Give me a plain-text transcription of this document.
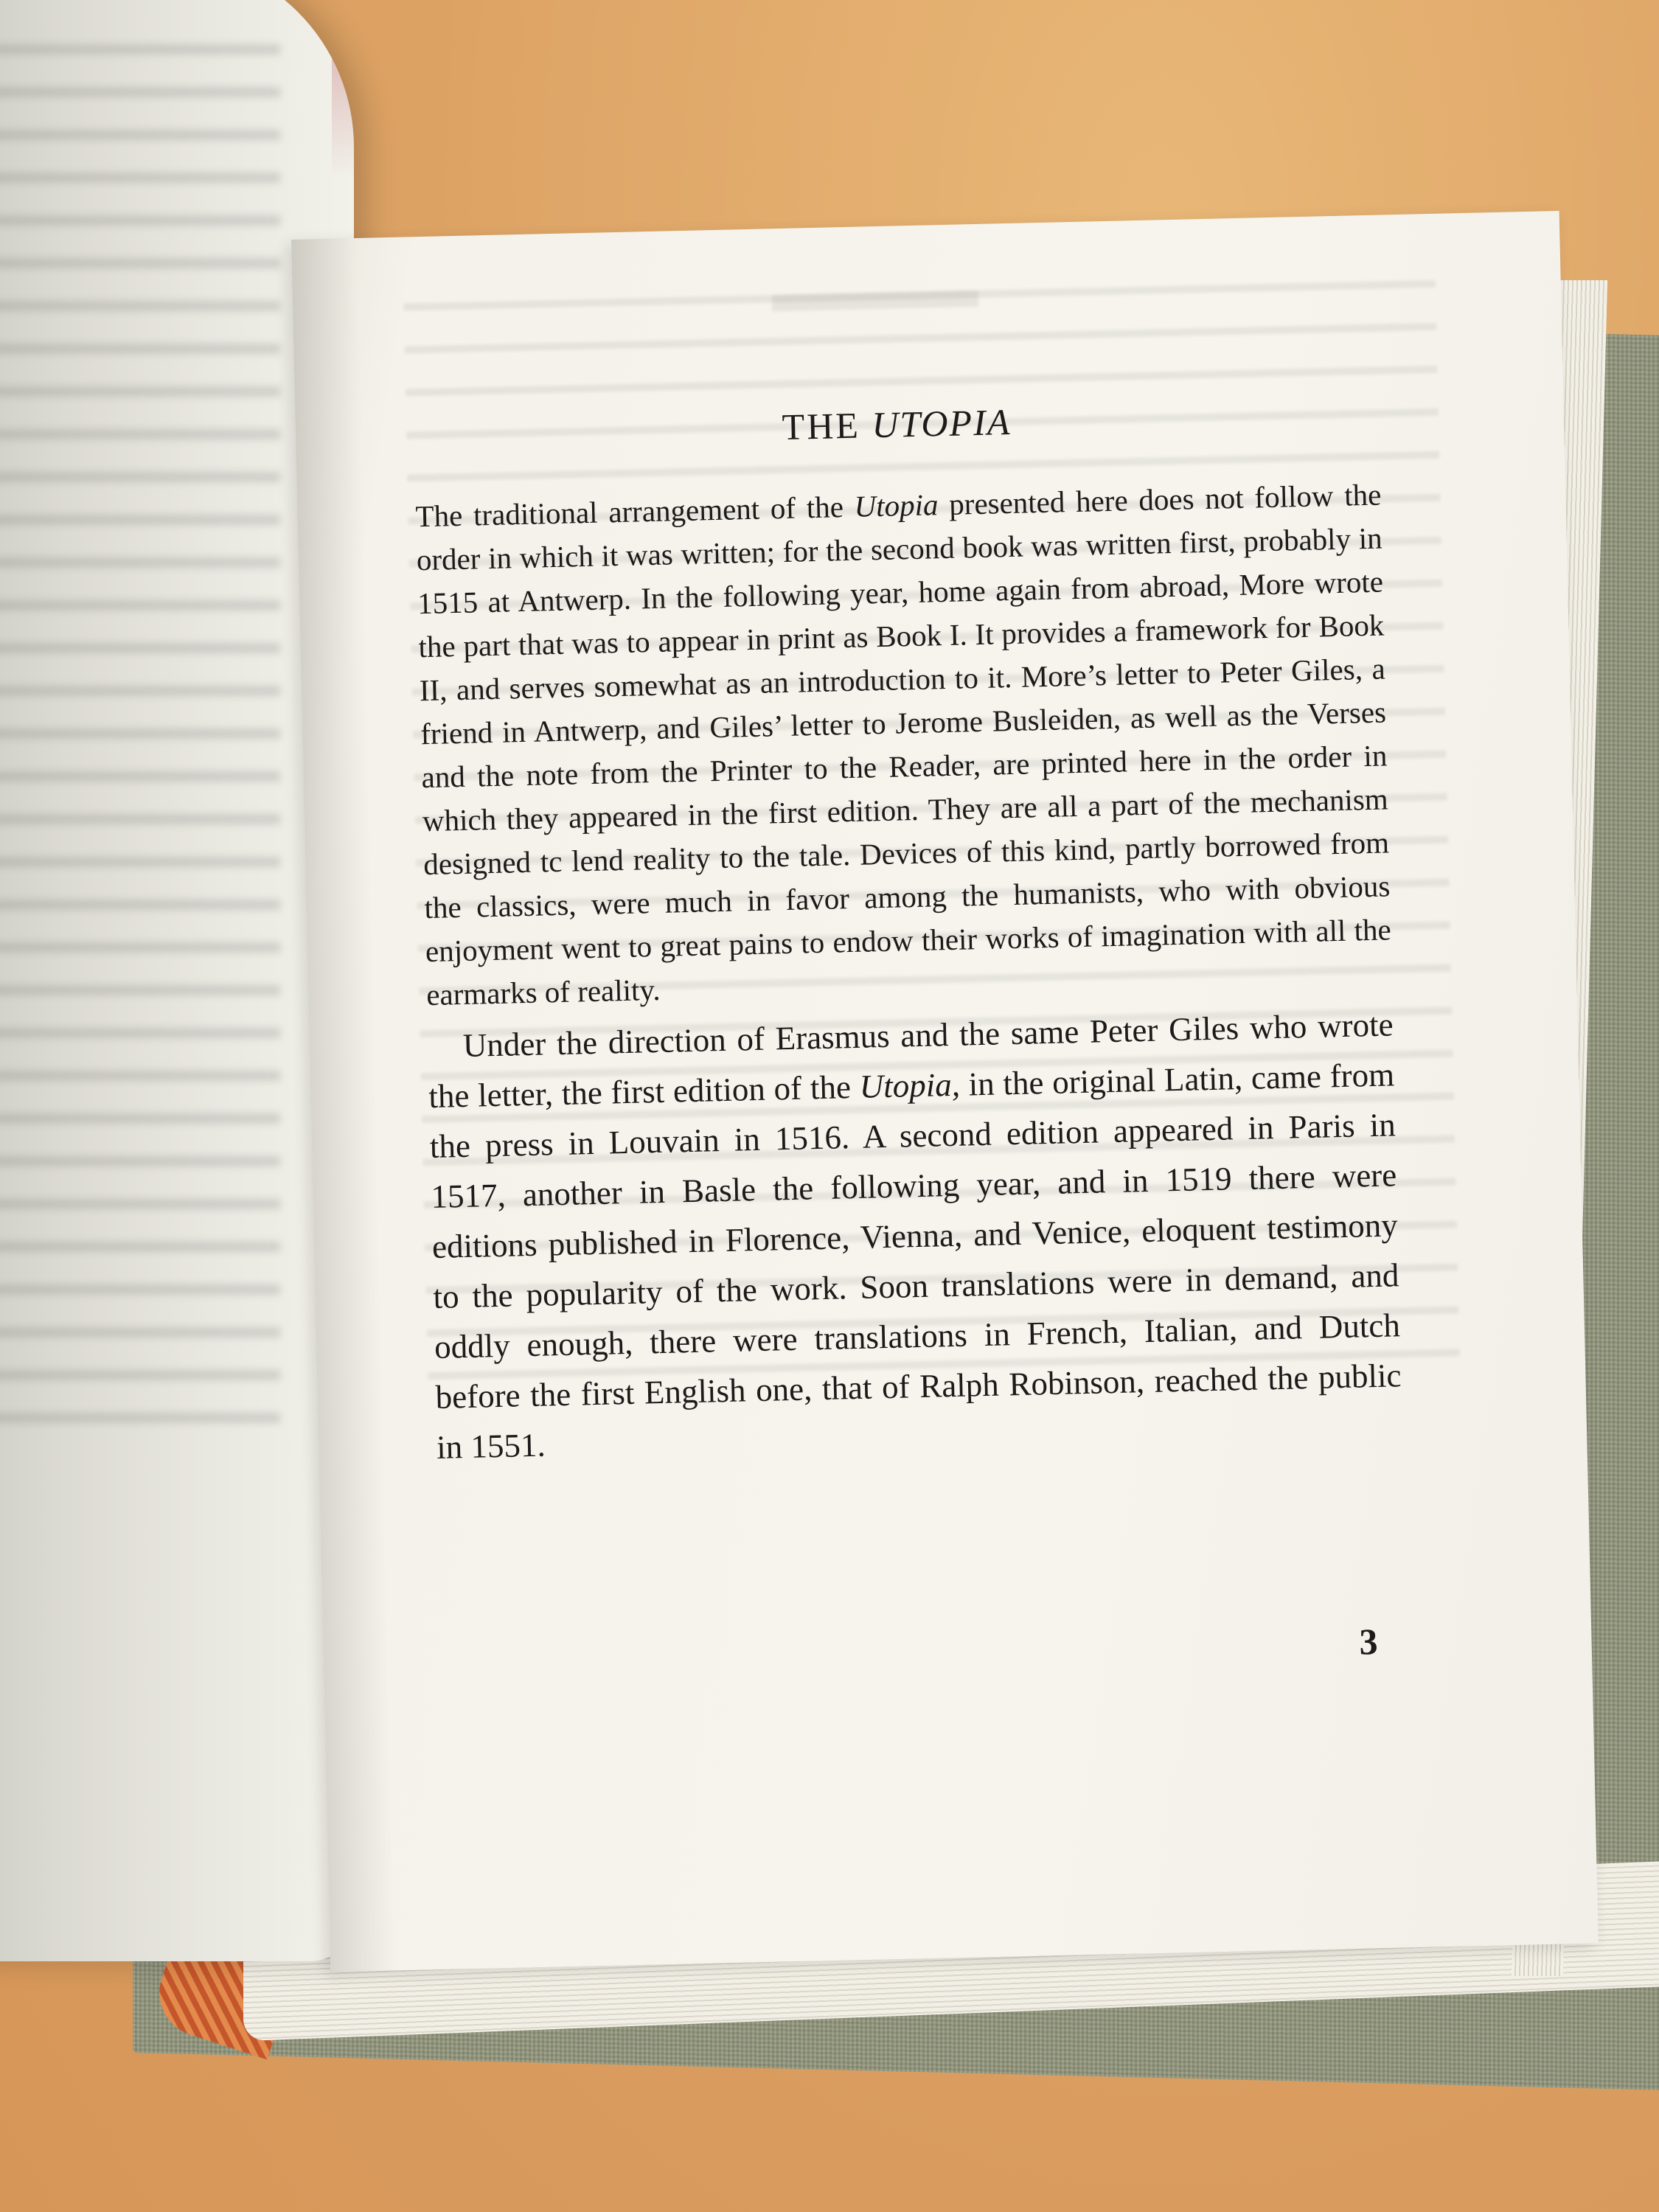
THE UTOPIA

The traditional arrangement of the Utopia presented here does not follow the order in which it was written; for the second book was written first, probably in 1515 at Antwerp. In the following year, home again from abroad, More wrote the part that was to appear in print as Book I. It provides a framework for Book II, and serves somewhat as an introduction to it. More’s letter to Peter Giles, a friend in Antwerp, and Giles’ letter to Jerome Busleiden, as well as the Verses and the note from the Printer to the Reader, are printed here in the order in which they appeared in the first edition. They are all a part of the mechanism designed tc lend reality to the tale. Devices of this kind, partly borrowed from the classics, were much in favor among the humanists, who with obvious enjoyment went to great pains to endow their works of imagination with all the earmarks of reality.

Under the direction of Erasmus and the same Peter Giles who wrote the letter, the first edition of the Utopia, in the original Latin, came from the press in Louvain in 1516. A second edition appeared in Paris in 1517, another in Basle the following year, and in 1519 there were editions published in Florence, Vienna, and Venice, eloquent testimony to the popularity of the work. Soon translations were in demand, and oddly enough, there were translations in French, Italian, and Dutch before the first English one, that of Ralph Robinson, reached the public in 1551.

3
